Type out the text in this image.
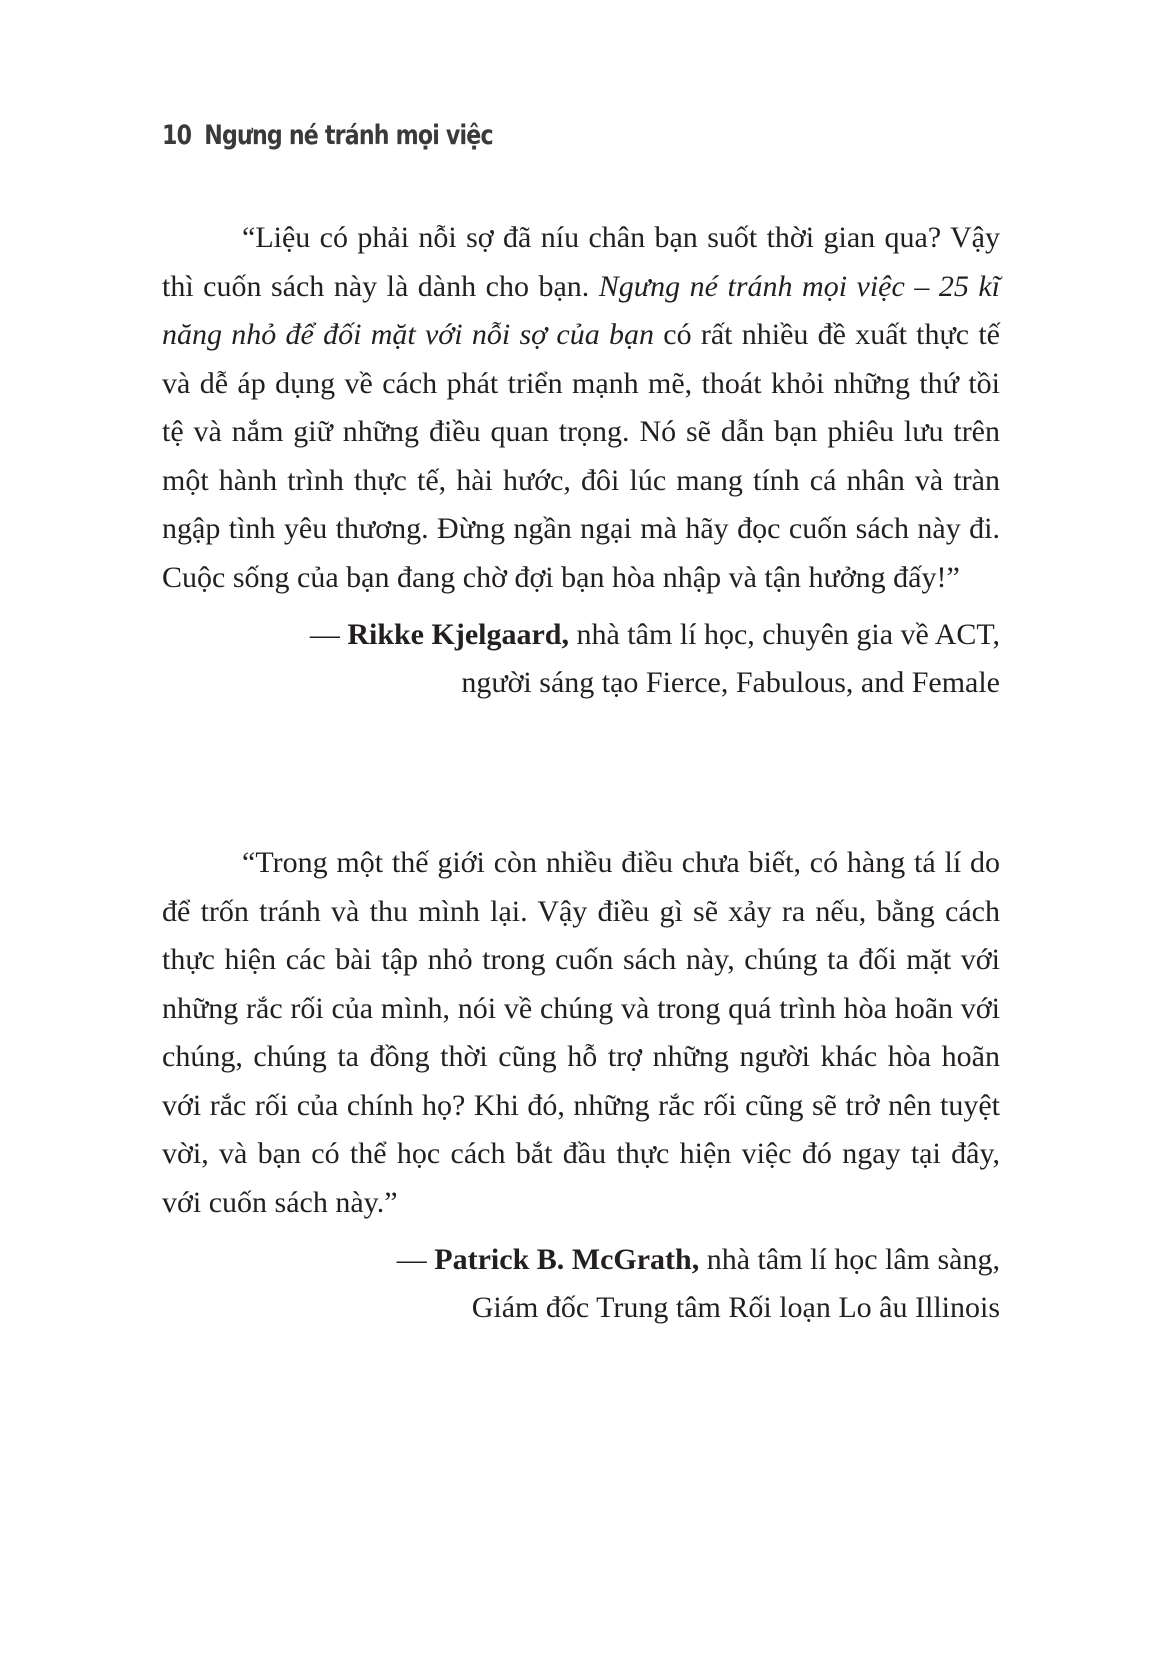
10 Ngưng né tránh mọi việc

“Liệu có phải nỗi sợ đã níu chân bạn suốt thời gian qua? Vậy thì cuốn sách này là dành cho bạn. Ngưng né tránh mọi việc – 25 kĩ năng nhỏ để đối mặt với nỗi sợ của bạn có rất nhiều đề xuất thực tế và dễ áp dụng về cách phát triển mạnh mẽ, thoát khỏi những thứ tồi tệ và nắm giữ những điều quan trọng. Nó sẽ dẫn bạn phiêu lưu trên một hành trình thực tế, hài hước, đôi lúc mang tính cá nhân và tràn ngập tình yêu thương. Đừng ngần ngại mà hãy đọc cuốn sách này đi. Cuộc sống của bạn đang chờ đợi bạn hòa nhập và tận hưởng đấy!”

— Rikke Kjelgaard, nhà tâm lí học, chuyên gia về ACT,
người sáng tạo Fierce, Fabulous, and Female

“Trong một thế giới còn nhiều điều chưa biết, có hàng tá lí do để trốn tránh và thu mình lại. Vậy điều gì sẽ xảy ra nếu, bằng cách thực hiện các bài tập nhỏ trong cuốn sách này, chúng ta đối mặt với những rắc rối của mình, nói về chúng và trong quá trình hòa hoãn với chúng, chúng ta đồng thời cũng hỗ trợ những người khác hòa hoãn với rắc rối của chính họ? Khi đó, những rắc rối cũng sẽ trở nên tuyệt vời, và bạn có thể học cách bắt đầu thực hiện việc đó ngay tại đây, với cuốn sách này.”

— Patrick B. McGrath, nhà tâm lí học lâm sàng,
Giám đốc Trung tâm Rối loạn Lo âu Illinois
